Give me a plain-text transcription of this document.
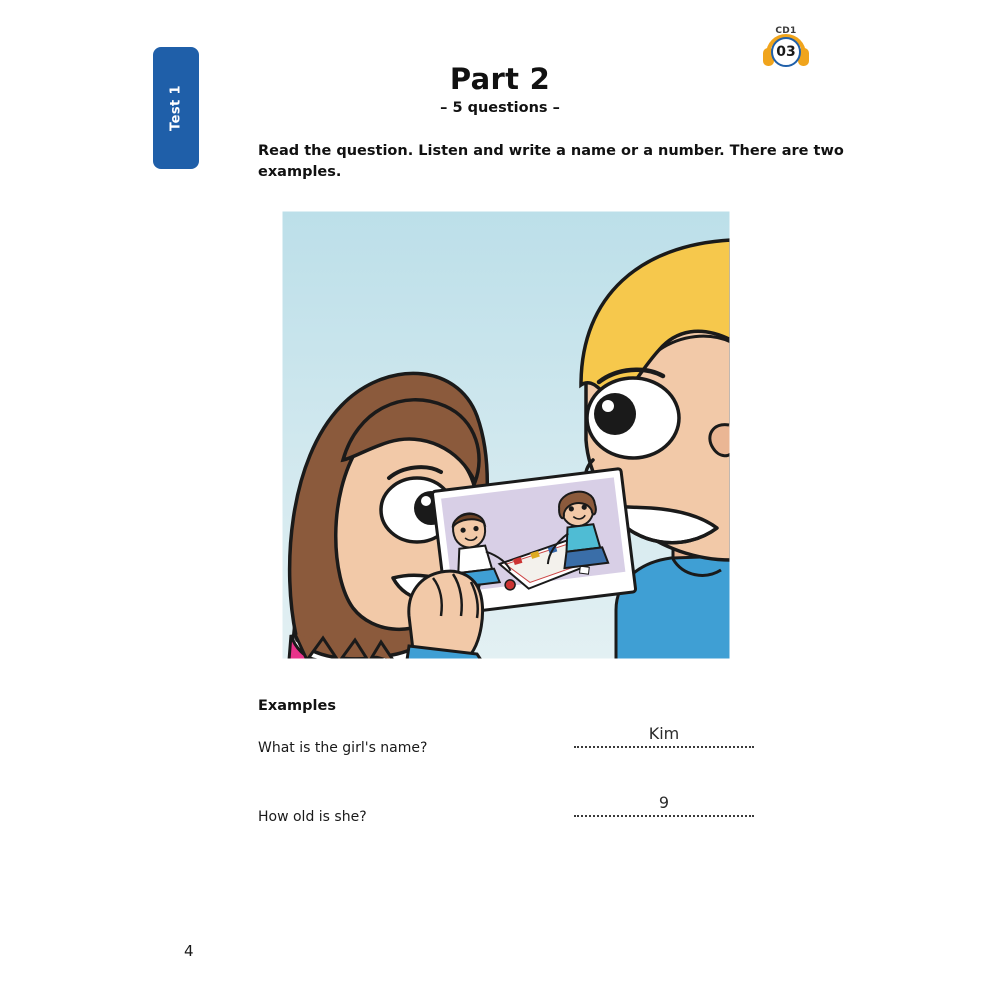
Test 1
CD1
03
Part 2
– 5 questions –
Read the question. Listen and write a name or a number. There are two examples.
Examples
What is the girl's name?
Kim
How old is she?
9
4
